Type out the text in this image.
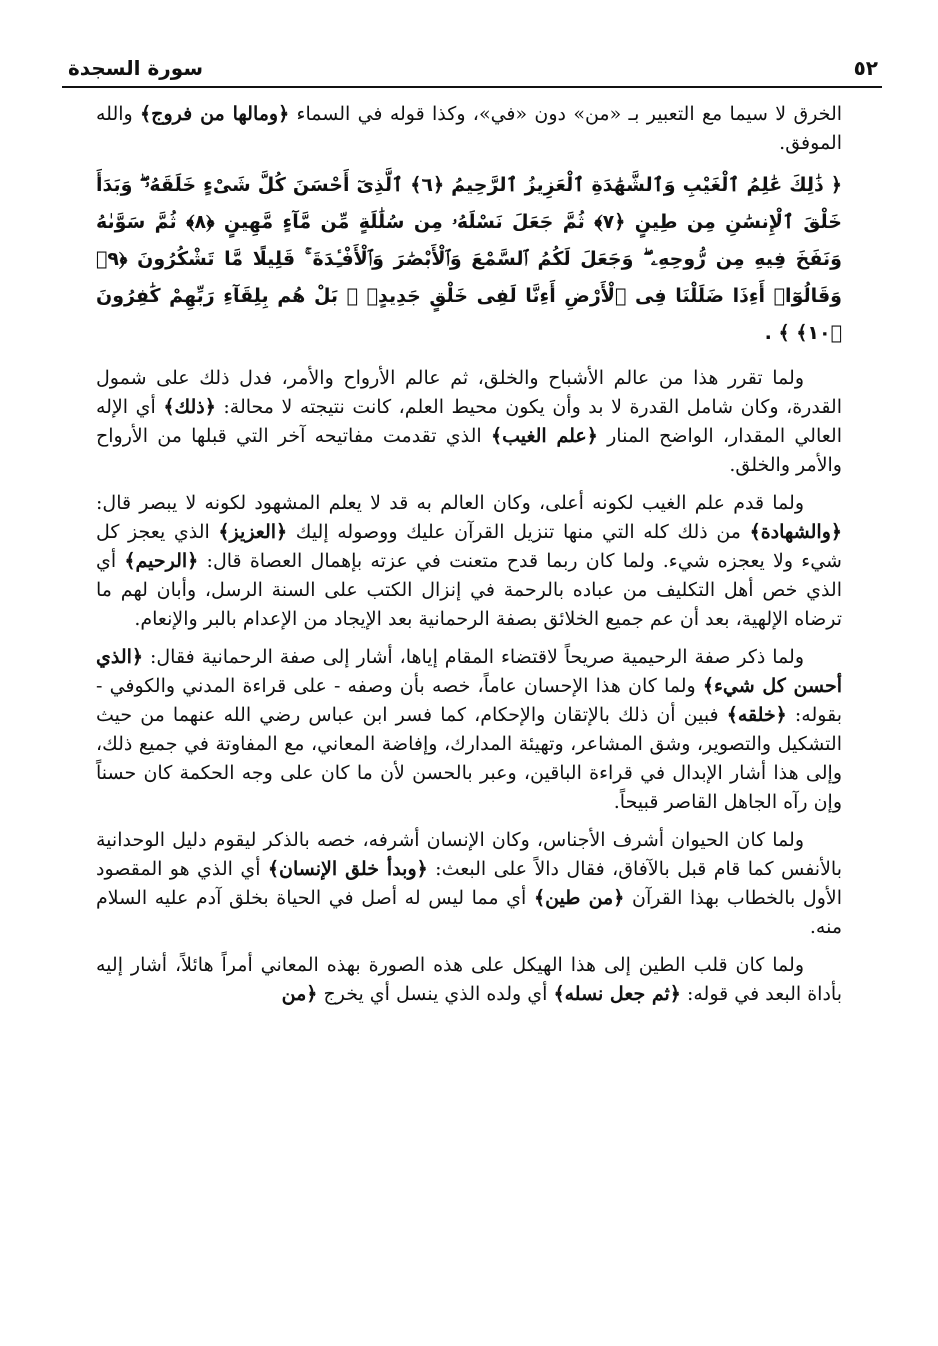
سورة السجدة	٥٢

الخرق لا سيما مع التعبير بـ «من» دون «في»، وكذا قوله في السماء ﴿ومالها من فروج﴾ والله الموفق.

﴿ ذَٰلِكَ عَٰلِمُ ٱلْغَيْبِ وَٱلشَّهَٰدَةِ ٱلْعَزِيزُ ٱلرَّحِيمُ ﴿٦﴾ ٱلَّذِىٓ أَحْسَنَ كُلَّ شَىْءٍ خَلَقَهُۥ ۖ وَبَدَأَ خَلْقَ ٱلْإِنسَٰنِ مِن طِينٍ ﴿٧﴾ ثُمَّ جَعَلَ نَسْلَهُۥ مِن سُلَٰلَةٍ مِّن مَّآءٍ مَّهِينٍ ﴿٨﴾ ثُمَّ سَوَّىٰهُ وَنَفَخَ فِيهِ مِن رُّوحِهِۦ ۖ وَجَعَلَ لَكُمُ ٱلسَّمْعَ وَٱلْأَبْصَٰرَ وَٱلْأَفْـِٔدَةَ ۚ قَلِيلًا مَّا تَشْكُرُونَ ﴿٩﴾ وَقَالُوٓا۟ أَءِذَا ضَلَلْنَا فِى ٱلْأَرْضِ أَءِنَّا لَفِى خَلْقٍ جَدِيدٍۭ ۚ بَلْ هُم بِلِقَآءِ رَبِّهِمْ كَٰفِرُونَ ﴿١٠﴾ ﴾ .

ولما تقرر هذا من عالم الأشباح والخلق، ثم عالم الأرواح والأمر، فدل ذلك على شمول القدرة، وكان شامل القدرة لا بد وأن يكون محيط العلم، كانت نتيجته لا محالة: ﴿ذلك﴾ أي الإله العالي المقدار، الواضح المنار ﴿علم الغيب﴾ الذي تقدمت مفاتيحه آخر التي قبلها من الأرواح والأمر والخلق.

ولما قدم علم الغيب لكونه أعلى، وكان العالم به قد لا يعلم المشهود لكونه لا يبصر قال: ﴿والشهادة﴾ من ذلك كله التي منها تنزيل القرآن عليك ووصوله إليك ﴿العزيز﴾ الذي يعجز كل شيء ولا يعجزه شيء. ولما كان ربما قدح متعنت في عزته بإهمال العصاة قال: ﴿الرحيم﴾ أي الذي خص أهل التكليف من عباده بالرحمة في إنزال الكتب على السنة الرسل، وأبان لهم ما ترضاه الإلهية، بعد أن عم جميع الخلائق بصفة الرحمانية بعد الإيجاد من الإعدام بالبر والإنعام.

ولما ذكر صفة الرحيمية صريحاً لاقتضاء المقام إياها، أشار إلى صفة الرحمانية فقال: ﴿الذي أحسن كل شيء﴾ ولما كان هذا الإحسان عاماً، خصه بأن وصفه - على قراءة المدني والكوفي - بقوله: ﴿خلقه﴾ فبين أن ذلك بالإتقان والإحكام، كما فسر ابن عباس رضي الله عنهما من حيث التشكيل والتصوير، وشق المشاعر، وتهيئة المدارك، وإفاضة المعاني، مع المفاوتة في جميع ذلك، وإلى هذا أشار الإبدال في قراءة الباقين، وعبر بالحسن لأن ما كان على وجه الحكمة كان حسناً وإن رآه الجاهل القاصر قبيحاً.

ولما كان الحيوان أشرف الأجناس، وكان الإنسان أشرفه، خصه بالذكر ليقوم دليل الوحدانية بالأنفس كما قام قبل بالآفاق، فقال دالاً على البعث: ﴿وبدأ خلق الإنسان﴾ أي الذي هو المقصود الأول بالخطاب بهذا القرآن ﴿من طين﴾ أي مما ليس له أصل في الحياة بخلق آدم عليه السلام منه.

ولما كان قلب الطين إلى هذا الهيكل على هذه الصورة بهذه المعاني أمراً هائلاً، أشار إليه بأداة البعد في قوله: ﴿ثم جعل نسله﴾ أي ولده الذي ينسل أي يخرج ﴿من
